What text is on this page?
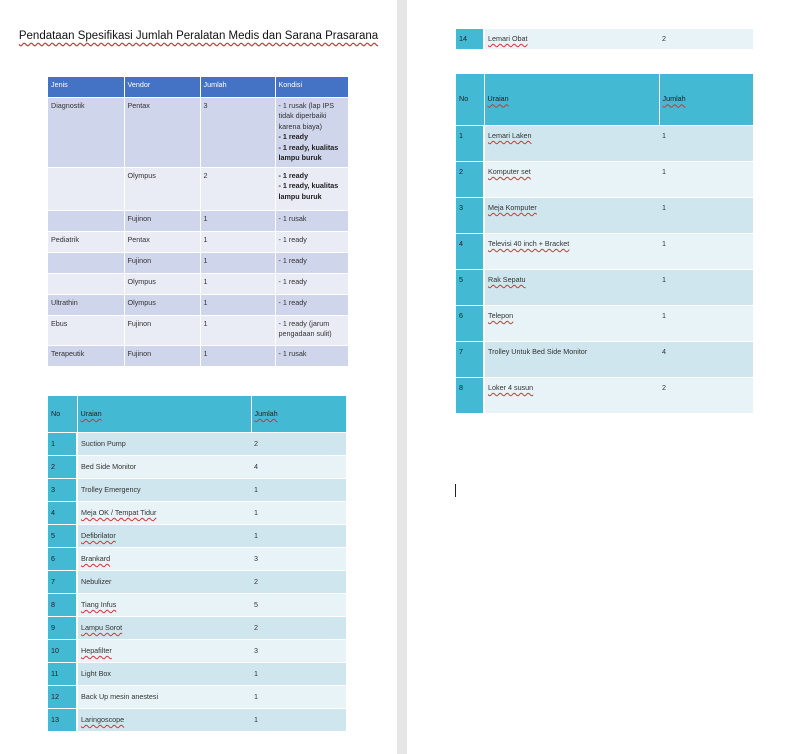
Pendataan Spesifikasi Jumlah Peralatan Medis dan Sarana Prasarana
Jenis	Vendor	Jumlah	Kondisi
Diagnostik	Pentax	3	- 1 rusak (lap IPS tidak diperbaiki karena biaya)
- 1 ready
- 1 ready, kualitas lampu buruk

	Olympus	2	- 1 ready
- 1 ready, kualitas lampu buruk

	Fujinon	1	- 1 rusak
Pediatrik	Pentax	1	- 1 ready
	Fujinon	1	- 1 ready
	Olympus	1	- 1 ready
Ultrathin	Olympus	1	- 1 ready
Ebus	Fujinon	1	- 1 ready (jarum pengadaan sulit)
Terapeutik	Fujinon	1	- 1 rusak
No	Uraian	Jumlah
1	Suction Pump	2
2	Bed Side Monitor	4
3	Trolley Emergency	1
4	Meja OK / Tempat Tidur	1
5	Defibrilator	1
6	Brankard	3
7	Nebulizer	2
8	Tiang Infus	5
9	Lampu Sorot	2
10	Hepafilter	3
11	Light Box	1
12	Back Up mesin anestesi	1
13	Laringoscope	1
14	Lemari Obat	2
No	Uraian	Jumlah
1	Lemari Laken	1
2	Komputer set	1
3	Meja Komputer	1
4	Televisi 40 inch + Bracket	1
5	Rak Sepatu	1
6	Telepon	1
7	Trolley Untuk Bed Side Monitor	4
8	Loker 4 susun	2
